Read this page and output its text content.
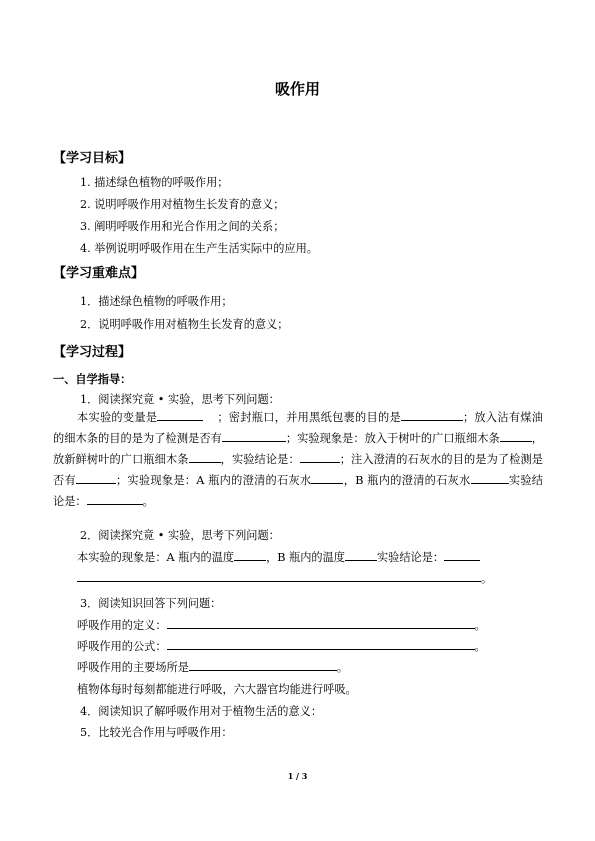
吸作用
【学习目标】
1. 描述绿色植物的呼吸作用；
2. 说明呼吸作用对植物生长发育的意义；
3. 阐明呼吸作用和光合作用之间的关系；
4. 举例说明呼吸作用在生产生活实际中的应用。
【学习重难点】
1．描述绿色植物的呼吸作用；
2．说明呼吸作用对植物生长发育的意义；
【学习过程】
一、自学指导：
1．阅读探究竟 • 实验，思考下列问题：
本实验的变量是	；密封瓶口，并用黑纸包裹的目的是	；放入沾有煤油的细木条的目的是为了检测是否有	；实验现象是：放入于树叶的广口瓶细木条	，放新鲜树叶的广口瓶细木条	，实验结论是：	；注入澄清的石灰水的目的是为了检测是否有	；实验现象是：A 瓶内的澄清的石灰水	，B 瓶内的澄清的石灰水	实验结论是：	。
2．阅读探究竟 • 实验，思考下列问题：
本实验的现象是：A 瓶内的温度	，B 瓶内的温度	实验结论是：
。
3．阅读知识回答下列问题：
呼吸作用的定义：	。
呼吸作用的公式：	。
呼吸作用的主要场所是	。
植物体每时每刻都能进行呼吸，六大器官均能进行呼吸。
4．阅读知识了解呼吸作用对于植物生活的意义：
5．比较光合作用与呼吸作用：
1 / 3
